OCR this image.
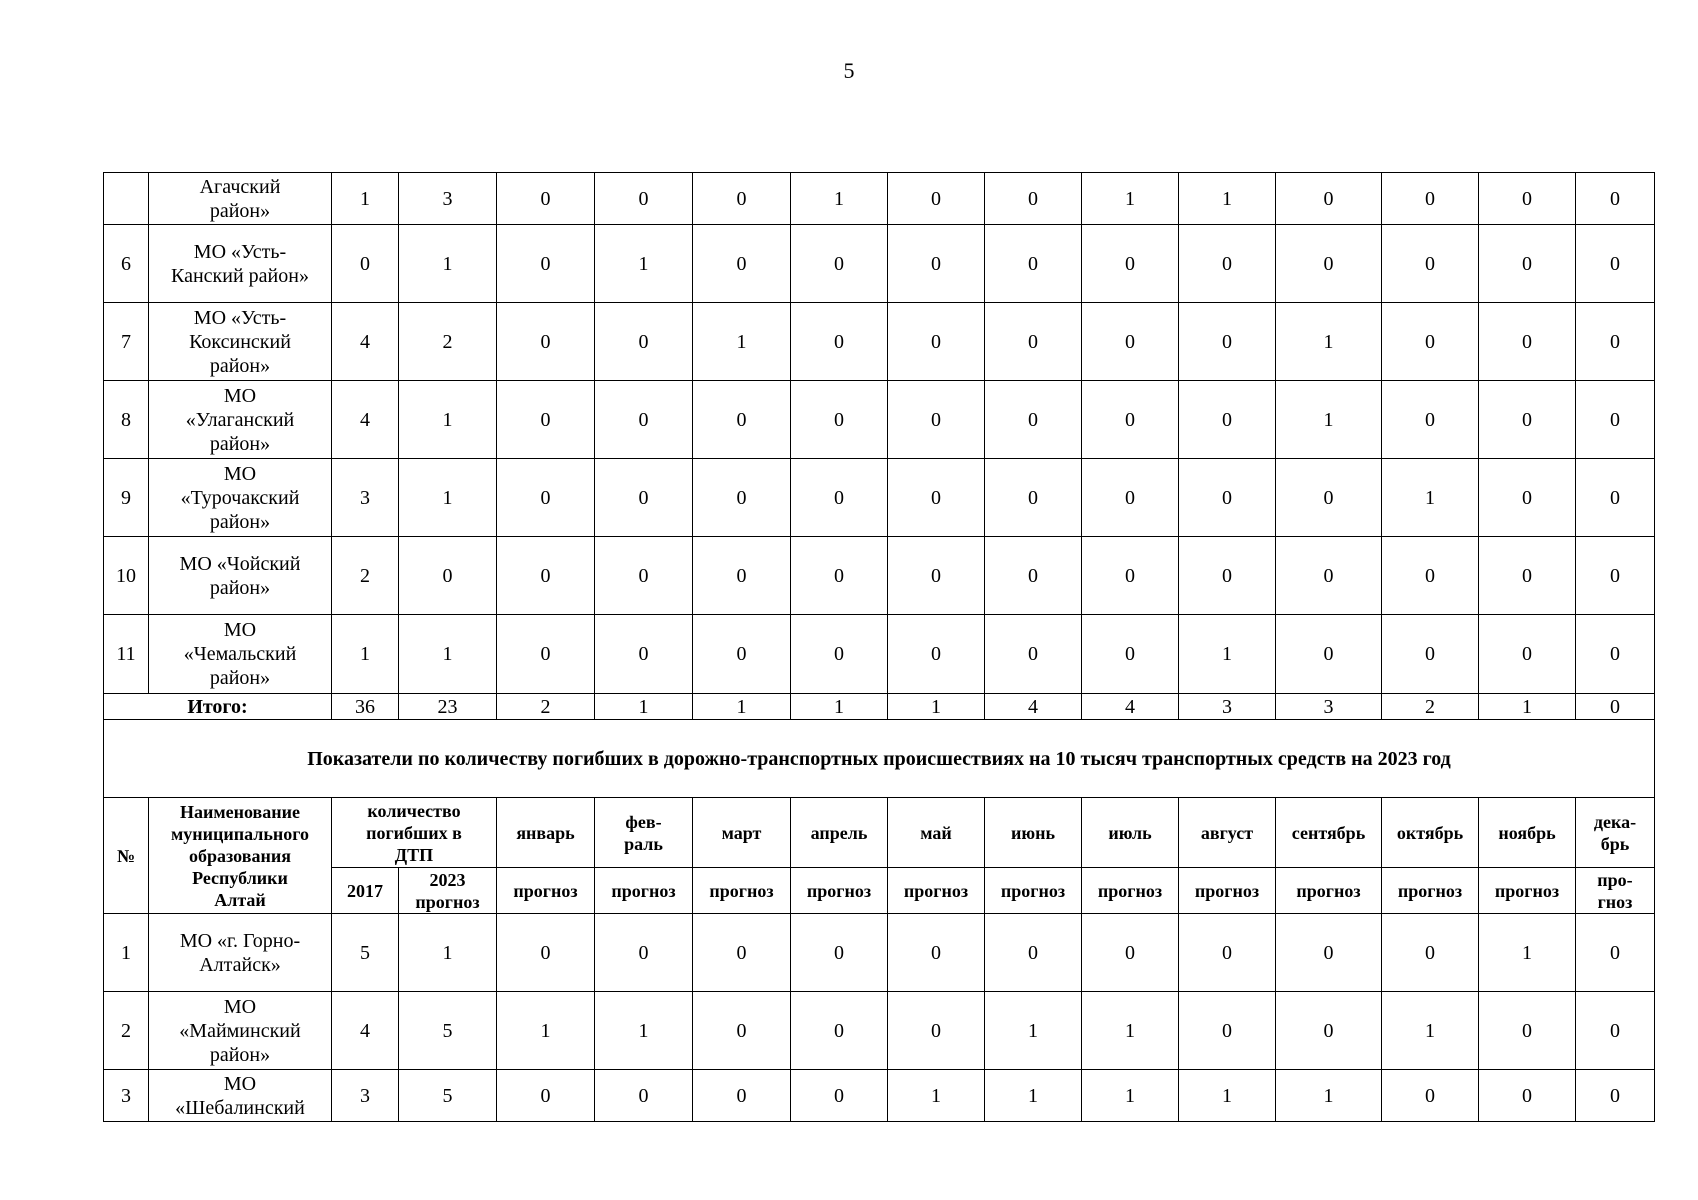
5
	Агачский
район»	1	3	0	0	0	1	0	0	1	1	0	0	0	0
6	МО «Усть-
Канский район»	0	1	0	1	0	0	0	0	0	0	0	0	0	0
7	МО «Усть-
Коксинский
район»	4	2	0	0	1	0	0	0	0	0	1	0	0	0
8	МО
«Улаганский
район»	4	1	0	0	0	0	0	0	0	0	1	0	0	0
9	МО
«Турочакский
район»	3	1	0	0	0	0	0	0	0	0	0	1	0	0
10	МО «Чойский
район»	2	0	0	0	0	0	0	0	0	0	0	0	0	0
11	МО
«Чемальский
район»	1	1	0	0	0	0	0	0	0	1	0	0	0	0
Итого:		36	23	2	1	1	1	1	4	4	3	3	2	1	0
Показатели по количеству погибших в дорожно-транспортных происшествиях на 10 тысяч транспортных средств на 2023 год															
№	Наименование
муниципального
образования
Республики
Алтай	количество
погибших в
ДТП		январь	фев-
раль	март	апрель	май	июнь	июль	август	сентябрь	октябрь	ноябрь	дека-
брь
		2017	2023
прогноз	прогноз	прогноз	прогноз	прогноз	прогноз	прогноз	прогноз	прогноз	прогноз	прогноз	прогноз	про-
гноз
1	МО «г. Горно-
Алтайск»	5	1	0	0	0	0	0	0	0	0	0	0	1	0
2	МО
«Майминский
район»	4	5	1	1	0	0	0	1	1	0	0	1	0	0
3	МО
«Шебалинский	3	5	0	0	0	0	1	1	1	1	1	0	0	0
